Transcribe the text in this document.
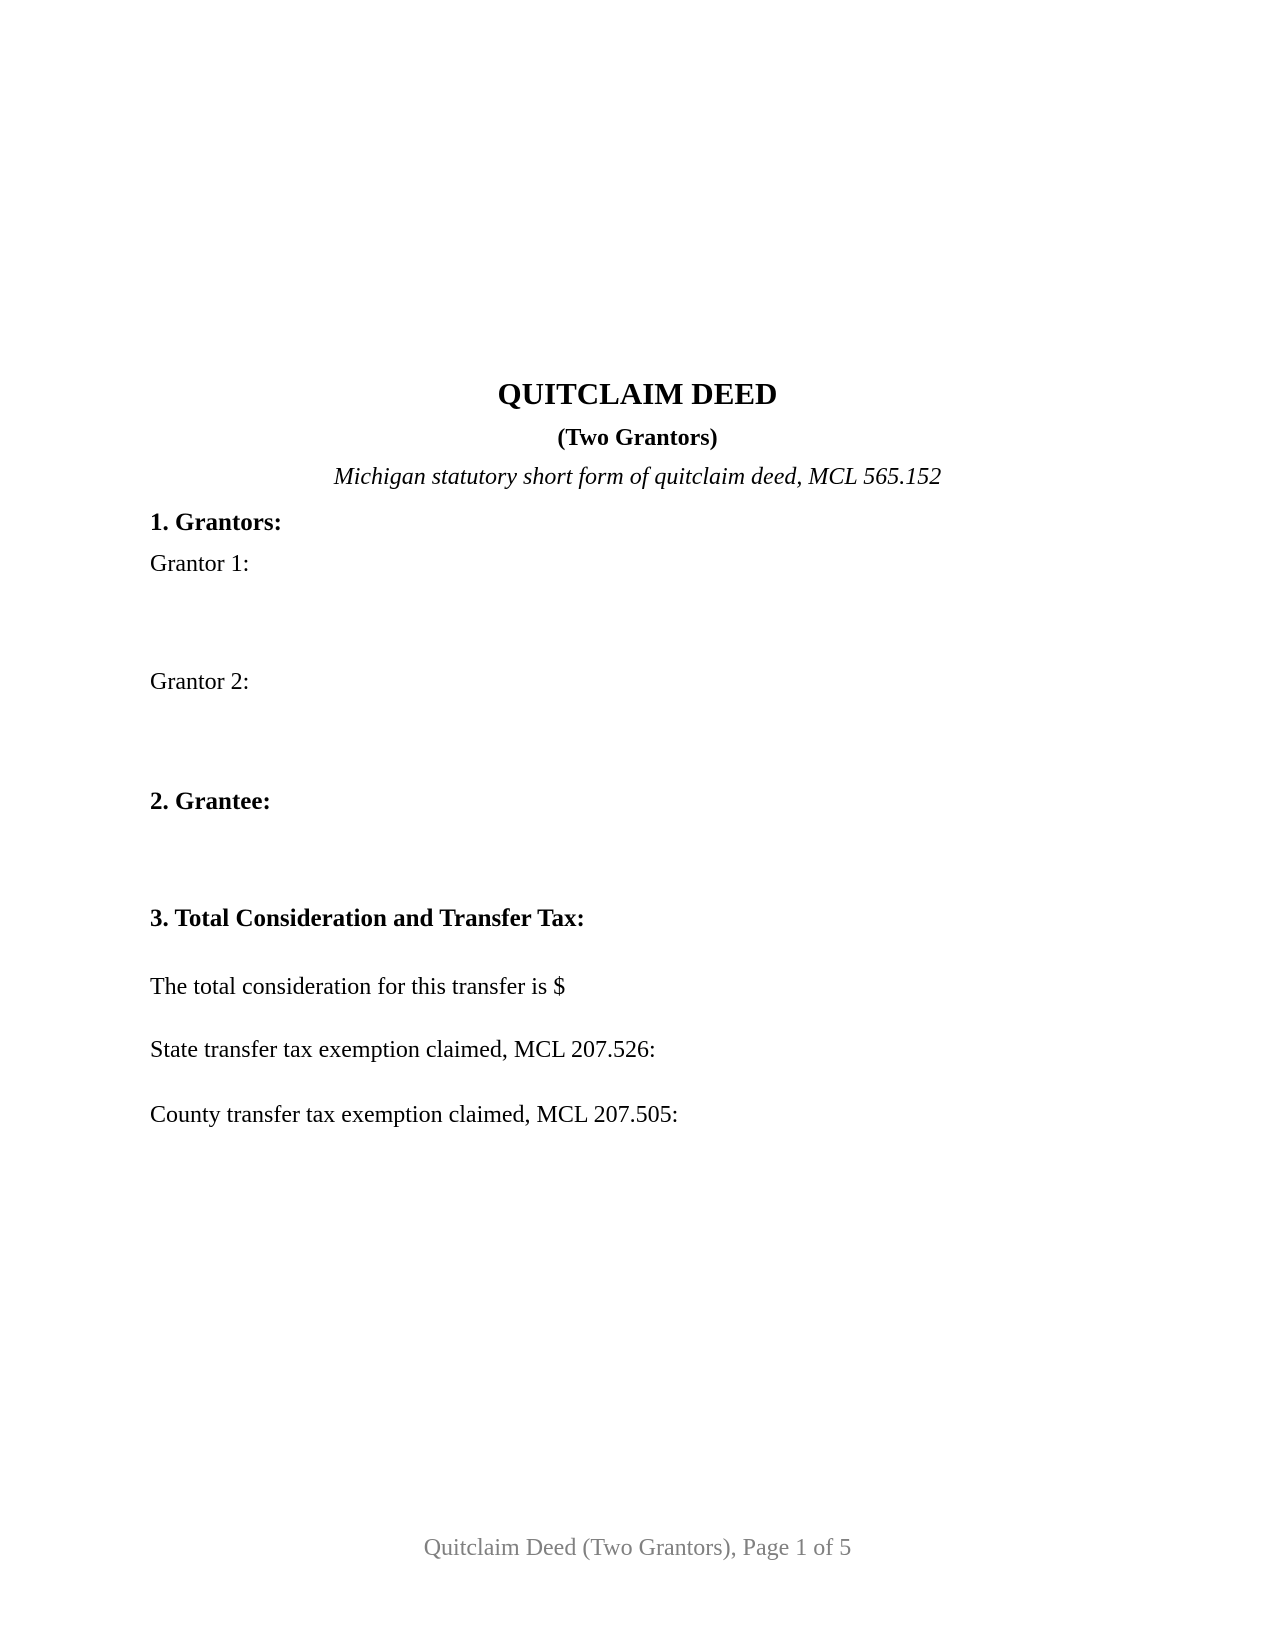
QUITCLAIM DEED
(Two Grantors)
Michigan statutory short form of quitclaim deed, MCL 565.152
1. Grantors:
Grantor 1:
Grantor 2:
2. Grantee:
3. Total Consideration and Transfer Tax:
The total consideration for this transfer is $
State transfer tax exemption claimed, MCL 207.526:
County transfer tax exemption claimed, MCL 207.505:
Quitclaim Deed (Two Grantors), Page 1 of 5
